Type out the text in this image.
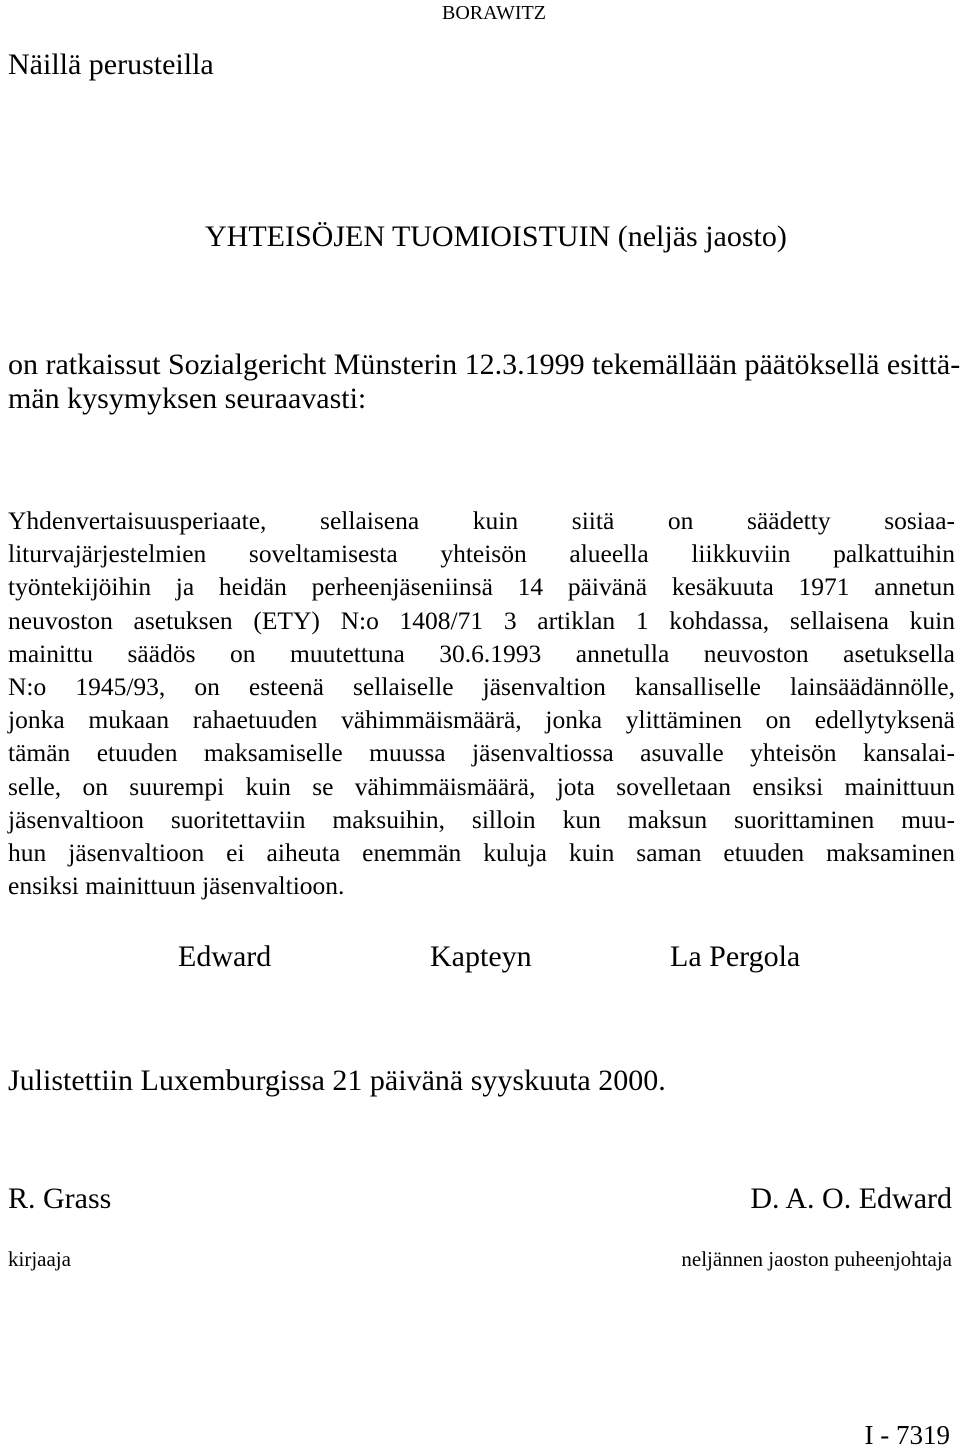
BORAWITZ
Näillä perusteilla
YHTEISÖJEN TUOMIOISTUIN (neljäs jaosto)
on ratkaissut Sozialgericht Münsterin 12.3.1999 tekemällään päätöksellä esittä-
män kysymyksen seuraavasti:
Yhdenvertaisuusperiaate, sellaisena kuin siitä on säädetty sosiaa-
liturvajärjestelmien soveltamisesta yhteisön alueella liikkuviin palkattuihin
työntekijöihin ja heidän perheenjäseniinsä 14 päivänä kesäkuuta 1971 annetun
neuvoston asetuksen (ETY) N:o 1408/71 3 artiklan 1 kohdassa, sellaisena kuin
mainittu säädös on muutettuna 30.6.1993 annetulla neuvoston asetuksella
N:o 1945/93, on esteenä sellaiselle jäsenvaltion kansalliselle lainsäädännölle,
jonka mukaan rahaetuuden vähimmäismäärä, jonka ylittäminen on edellytyksenä
tämän etuuden maksamiselle muussa jäsenvaltiossa asuvalle yhteisön kansalai-
selle, on suurempi kuin se vähimmäismäärä, jota sovelletaan ensiksi mainittuun
jäsenvaltioon suoritettaviin maksuihin, silloin kun maksun suorittaminen muu-
hun jäsenvaltioon ei aiheuta enemmän kuluja kuin saman etuuden maksaminen
ensiksi mainittuun jäsenvaltioon.
Edward	Kapteyn	La Pergola
Julistettiin Luxemburgissa 21 päivänä syyskuuta 2000.
R. Grass	D. A. O. Edward
kirjaaja	neljännen jaoston puheenjohtaja
I - 7319
